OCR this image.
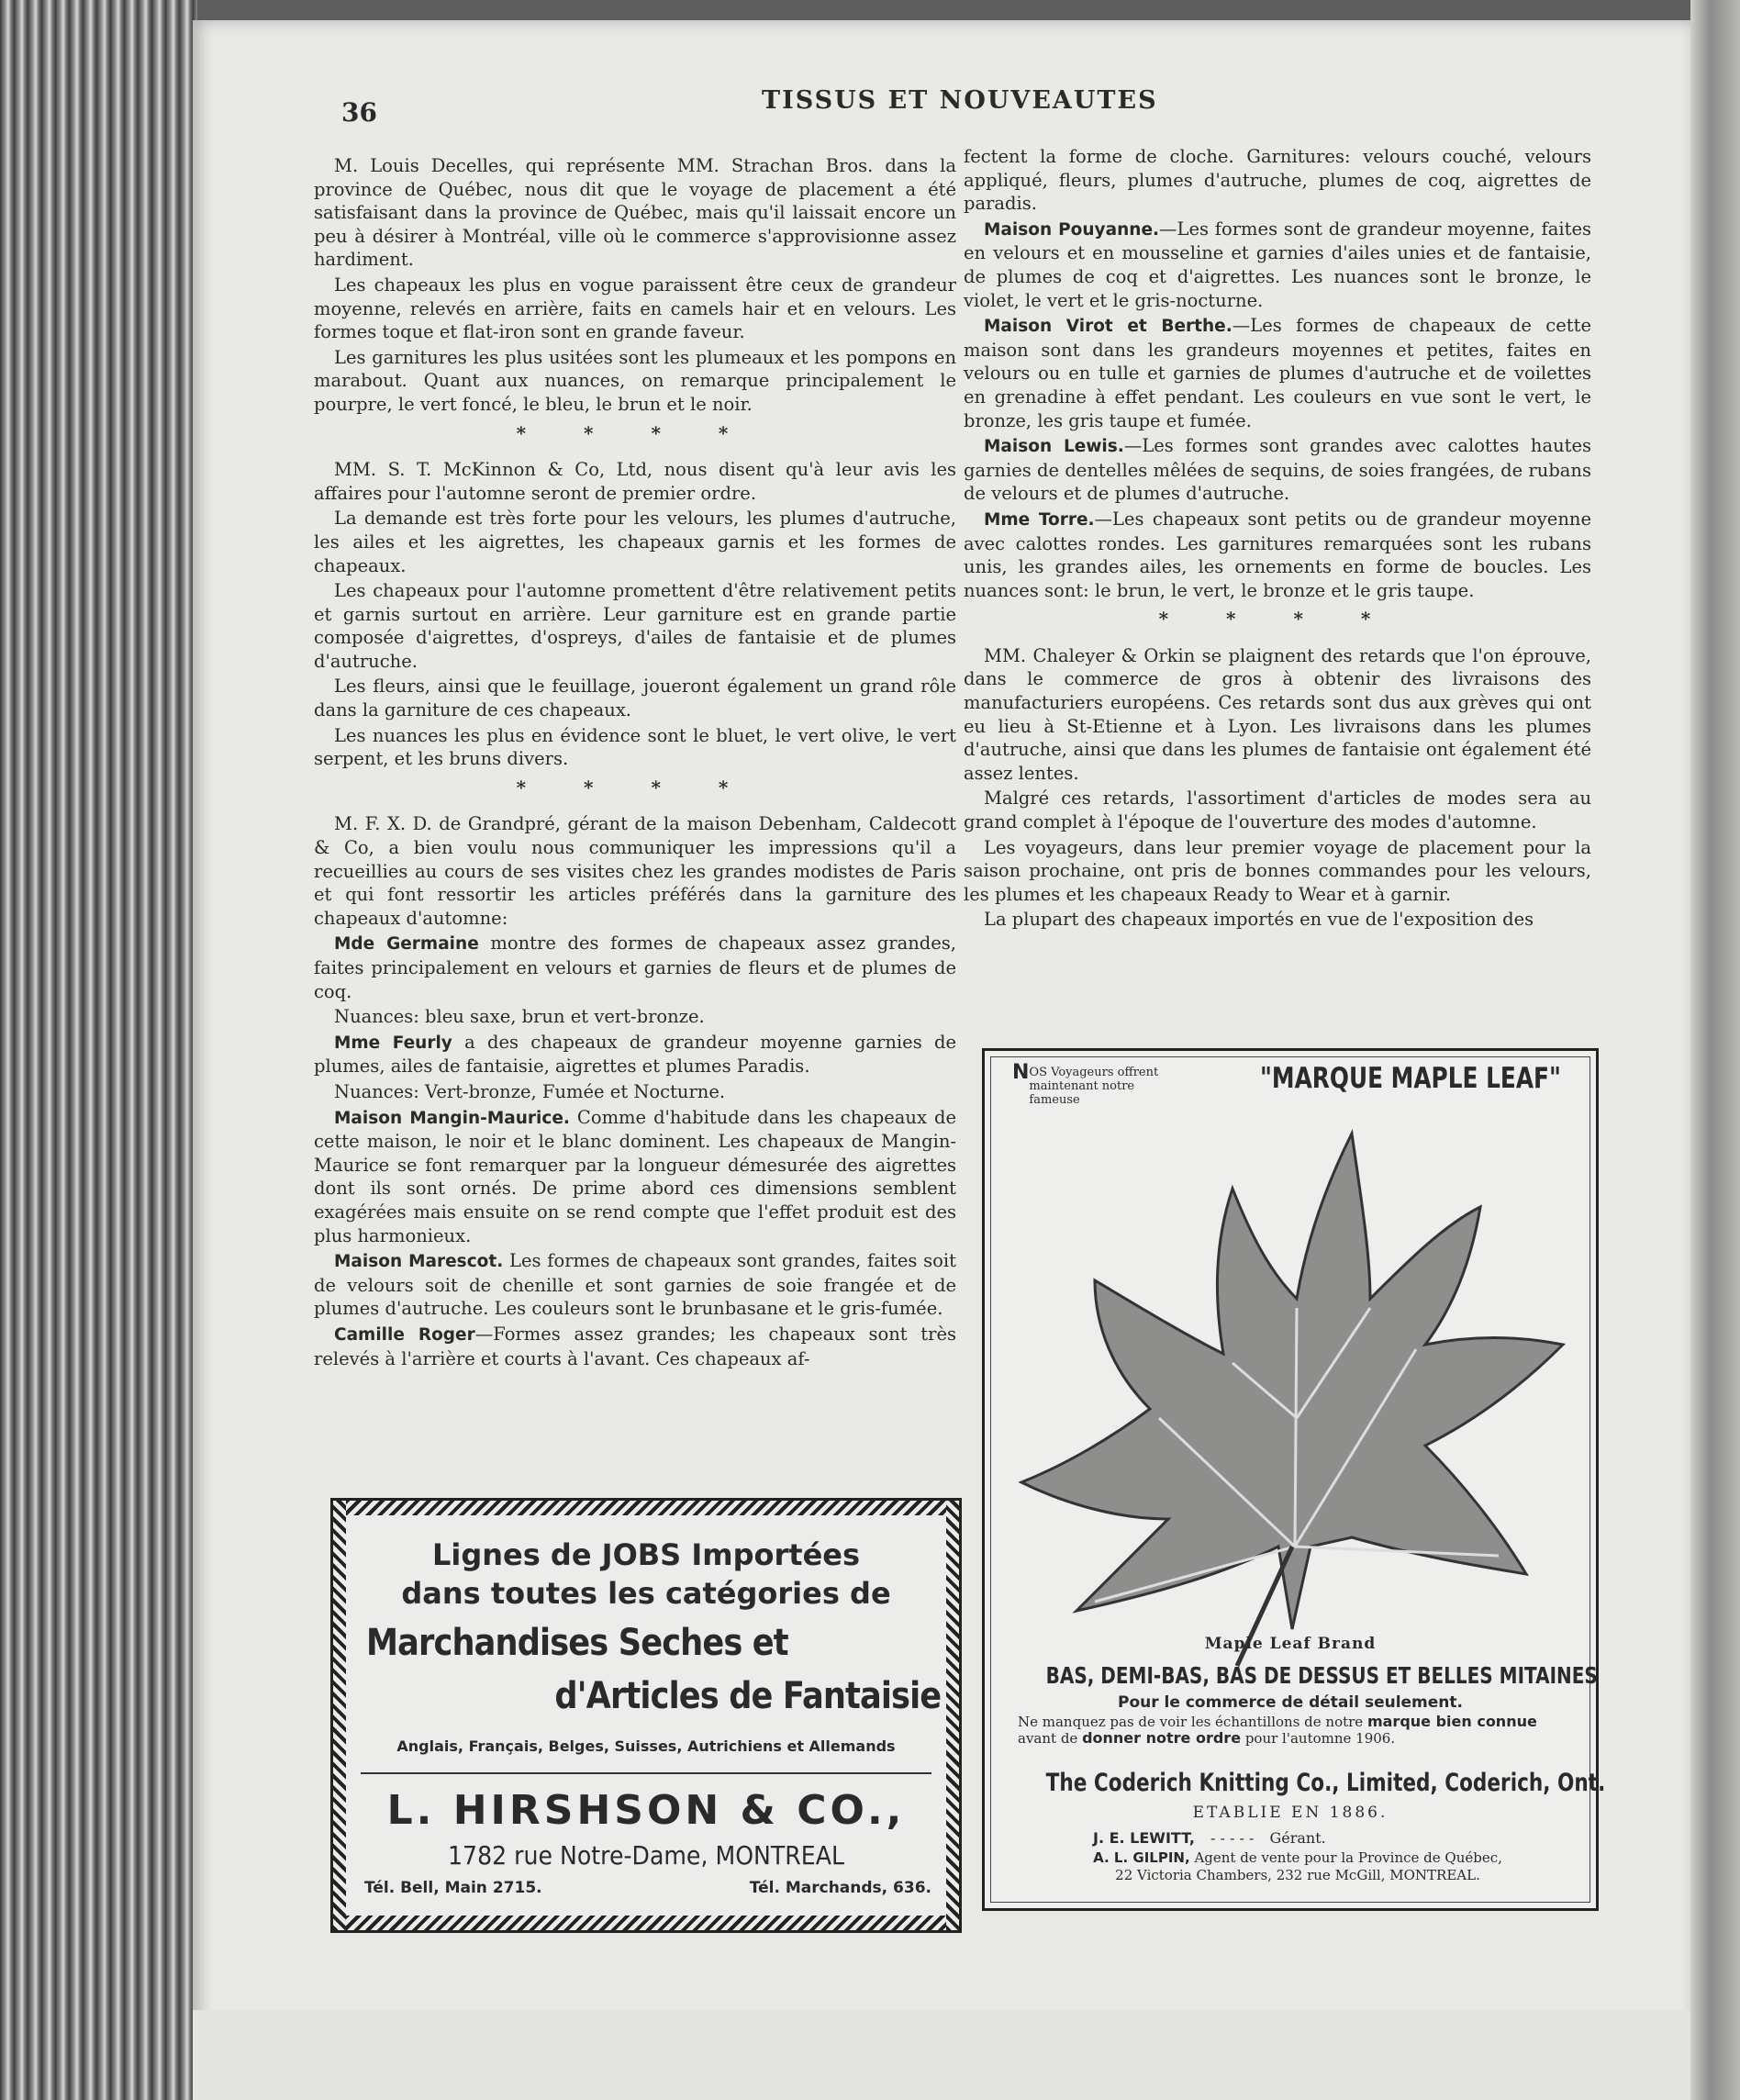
36	TISSUS ET NOUVEAUTES

M. Louis Decelles, qui représente MM. Strachan Bros. dans la province de Québec, nous dit que le voyage de placement a été satisfaisant dans la province de Québec, mais qu'il laissait encore un peu à désirer à Montréal, ville où le commerce s'approvisionne assez hardiment.

Les chapeaux les plus en vogue paraissent être ceux de grandeur moyenne, relevés en arrière, faits en camels hair et en velours. Les formes toque et flat-iron sont en grande faveur.

Les garnitures les plus usitées sont les plumeaux et les pompons en marabout. Quant aux nuances, on remarque principalement le pourpre, le vert foncé, le bleu, le brun et le noir.

* * * *

MM. S. T. McKinnon & Co, Ltd, nous disent qu'à leur avis les affaires pour l'automne seront de premier ordre.

La demande est très forte pour les velours, les plumes d'autruche, les ailes et les aigrettes, les chapeaux garnis et les formes de chapeaux.

Les chapeaux pour l'automne promettent d'être relativement petits et garnis surtout en arrière. Leur garniture est en grande partie composée d'aigrettes, d'ospreys, d'ailes de fantaisie et de plumes d'autruche.

Les fleurs, ainsi que le feuillage, joueront également un grand rôle dans la garniture de ces chapeaux.

Les nuances les plus en évidence sont le bluet, le vert olive, le vert serpent, et les bruns divers.

* * * *

M. F. X. D. de Grandpré, gérant de la maison Debenham, Caldecott & Co, a bien voulu nous communiquer les impressions qu'il a recueillies au cours de ses visites chez les grandes modistes de Paris et qui font ressortir les articles préférés dans la garniture des chapeaux d'automne:

Mde Germaine montre des formes de chapeaux assez grandes, faites principalement en velours et garnies de fleurs et de plumes de coq.

Nuances: bleu saxe, brun et vert-bronze.

Mme Feurly a des chapeaux de grandeur moyenne garnies de plumes, ailes de fantaisie, aigrettes et plumes Paradis.

Nuances: Vert-bronze, Fumée et Nocturne.

Maison Mangin-Maurice. Comme d'habitude dans les chapeaux de cette maison, le noir et le blanc dominent. Les chapeaux de Mangin-Maurice se font remarquer par la longueur démesurée des aigrettes dont ils sont ornés. De prime abord ces dimensions semblent exagérées mais ensuite on se rend compte que l'effet produit est des plus harmonieux.

Maison Marescot. Les formes de chapeaux sont grandes, faites soit de velours soit de chenille et sont garnies de soie frangée et de plumes d'autruche. Les couleurs sont le brunbasane et le gris-fumée.

Camille Roger—Formes assez grandes; les chapeaux sont très relevés à l'arrière et courts à l'avant. Ces chapeaux af-

fectent la forme de cloche. Garnitures: velours couché, velours appliqué, fleurs, plumes d'autruche, plumes de coq, aigrettes de paradis.

Maison Pouyanne.—Les formes sont de grandeur moyenne, faites en velours et en mousseline et garnies d'ailes unies et de fantaisie, de plumes de coq et d'aigrettes. Les nuances sont le bronze, le violet, le vert et le gris-nocturne.

Maison Virot et Berthe.—Les formes de chapeaux de cette maison sont dans les grandeurs moyennes et petites, faites en velours ou en tulle et garnies de plumes d'autruche et de voilettes en grenadine à effet pendant. Les couleurs en vue sont le vert, le bronze, les gris taupe et fumée.

Maison Lewis.—Les formes sont grandes avec calottes hautes garnies de dentelles mêlées de sequins, de soies frangées, de rubans de velours et de plumes d'autruche.

Mme Torre.—Les chapeaux sont petits ou de grandeur moyenne avec calottes rondes. Les garnitures remarquées sont les rubans unis, les grandes ailes, les ornements en forme de boucles. Les nuances sont: le brun, le vert, le bronze et le gris taupe.

* * * *

MM. Chaleyer & Orkin se plaignent des retards que l'on éprouve, dans le commerce de gros à obtenir des livraisons des manufacturiers européens. Ces retards sont dus aux grèves qui ont eu lieu à St-Etienne et à Lyon. Les livraisons dans les plumes d'autruche, ainsi que dans les plumes de fantaisie ont également été assez lentes.

Malgré ces retards, l'assortiment d'articles de modes sera au grand complet à l'époque de l'ouverture des modes d'automne.

Les voyageurs, dans leur premier voyage de placement pour la saison prochaine, ont pris de bonnes commandes pour les velours, les plumes et les chapeaux Ready to Wear et à garnir.

La plupart des chapeaux importés en vue de l'exposition des

Lignes de JOBS Importées
dans toutes les catégories de
Marchandises Seches et
d'Articles de Fantaisie
Anglais, Français, Belges, Suisses, Autrichiens et Allemands
L. HIRSHSON & CO.,
1782 rue Notre-Dame, MONTREAL
Tél. Bell, Main 2715.	Tél. Marchands, 636.
NOS Voyageurs offrent maintenant notre fameuse
"MARQUE MAPLE LEAF"
Maple Leaf Brand
BAS, DEMI-BAS, BAS DE DESSUS ET BELLES MITAINES
Pour le commerce de détail seulement.
Ne manquez pas de voir les échantillons de notre marque bien connue avant de donner notre ordre pour l'automne 1906.
The Coderich Knitting Co., Limited, Coderich, Ont.
ETABLIE EN 1886.
J. E. LEWITT, - - - - - Gérant.
A. L. GILPIN, Agent de vente pour la Province de Québec,
22 Victoria Chambers, 232 rue McGill, MONTREAL.
